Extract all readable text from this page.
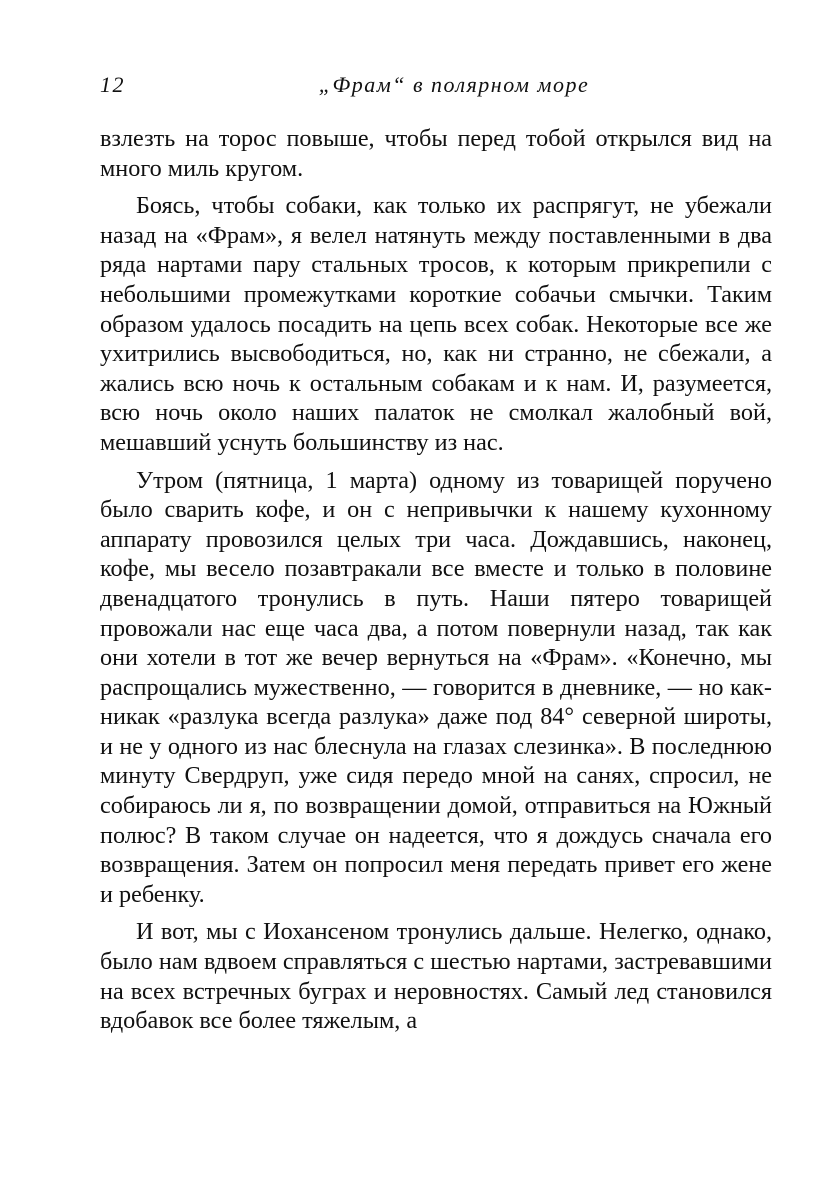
12	„Фрам“ в полярном море

взлезть на торос повыше, чтобы перед тобой открылся вид на много миль кругом.

Боясь, чтобы собаки, как только их распрягут, не убежали назад на «Фрам», я велел натянуть между поставленными в два ряда нартами пару стальных тросов, к которым прикрепили с небольшими промежутками короткие собачьи смычки. Таким образом удалось посадить на цепь всех собак. Некоторые все же ухитрились высвободиться, но, как ни странно, не сбежали, а жались всю ночь к остальным собакам и к нам. И, разумеется, всю ночь около наших палаток не смолкал жалобный вой, мешавший уснуть большинству из нас.

Утром (пятница, 1 марта) одному из товарищей поручено было сварить кофе, и он с непривычки к нашему кухонному аппарату провозился целых три часа. Дождавшись, наконец, кофе, мы весело позавтракали все вместе и только в половине двенадцатого тронулись в путь. Наши пятеро товарищей провожали нас еще часа два, а потом повернули назад, так как они хотели в тот же вечер вернуться на «Фрам». «Конечно, мы распрощались мужественно, — говорится в дневнике, — но как-никак «разлука всегда разлука» даже под 84° северной широты, и не у одного из нас блеснула на глазах слезинка». В последнюю минуту Свердруп, уже сидя передо мной на санях, спросил, не собираюсь ли я, по возвращении домой, отправиться на Южный полюс? В таком случае он надеется, что я дождусь сначала его возвращения. Затем он попросил меня передать привет его жене и ребенку.

И вот, мы с Иохансеном тронулись дальше. Нелегко, однако, было нам вдвоем справляться с шестью нартами, застревавшими на всех встречных буграх и неровностях. Самый лед становился вдобавок все более тяжелым, а
